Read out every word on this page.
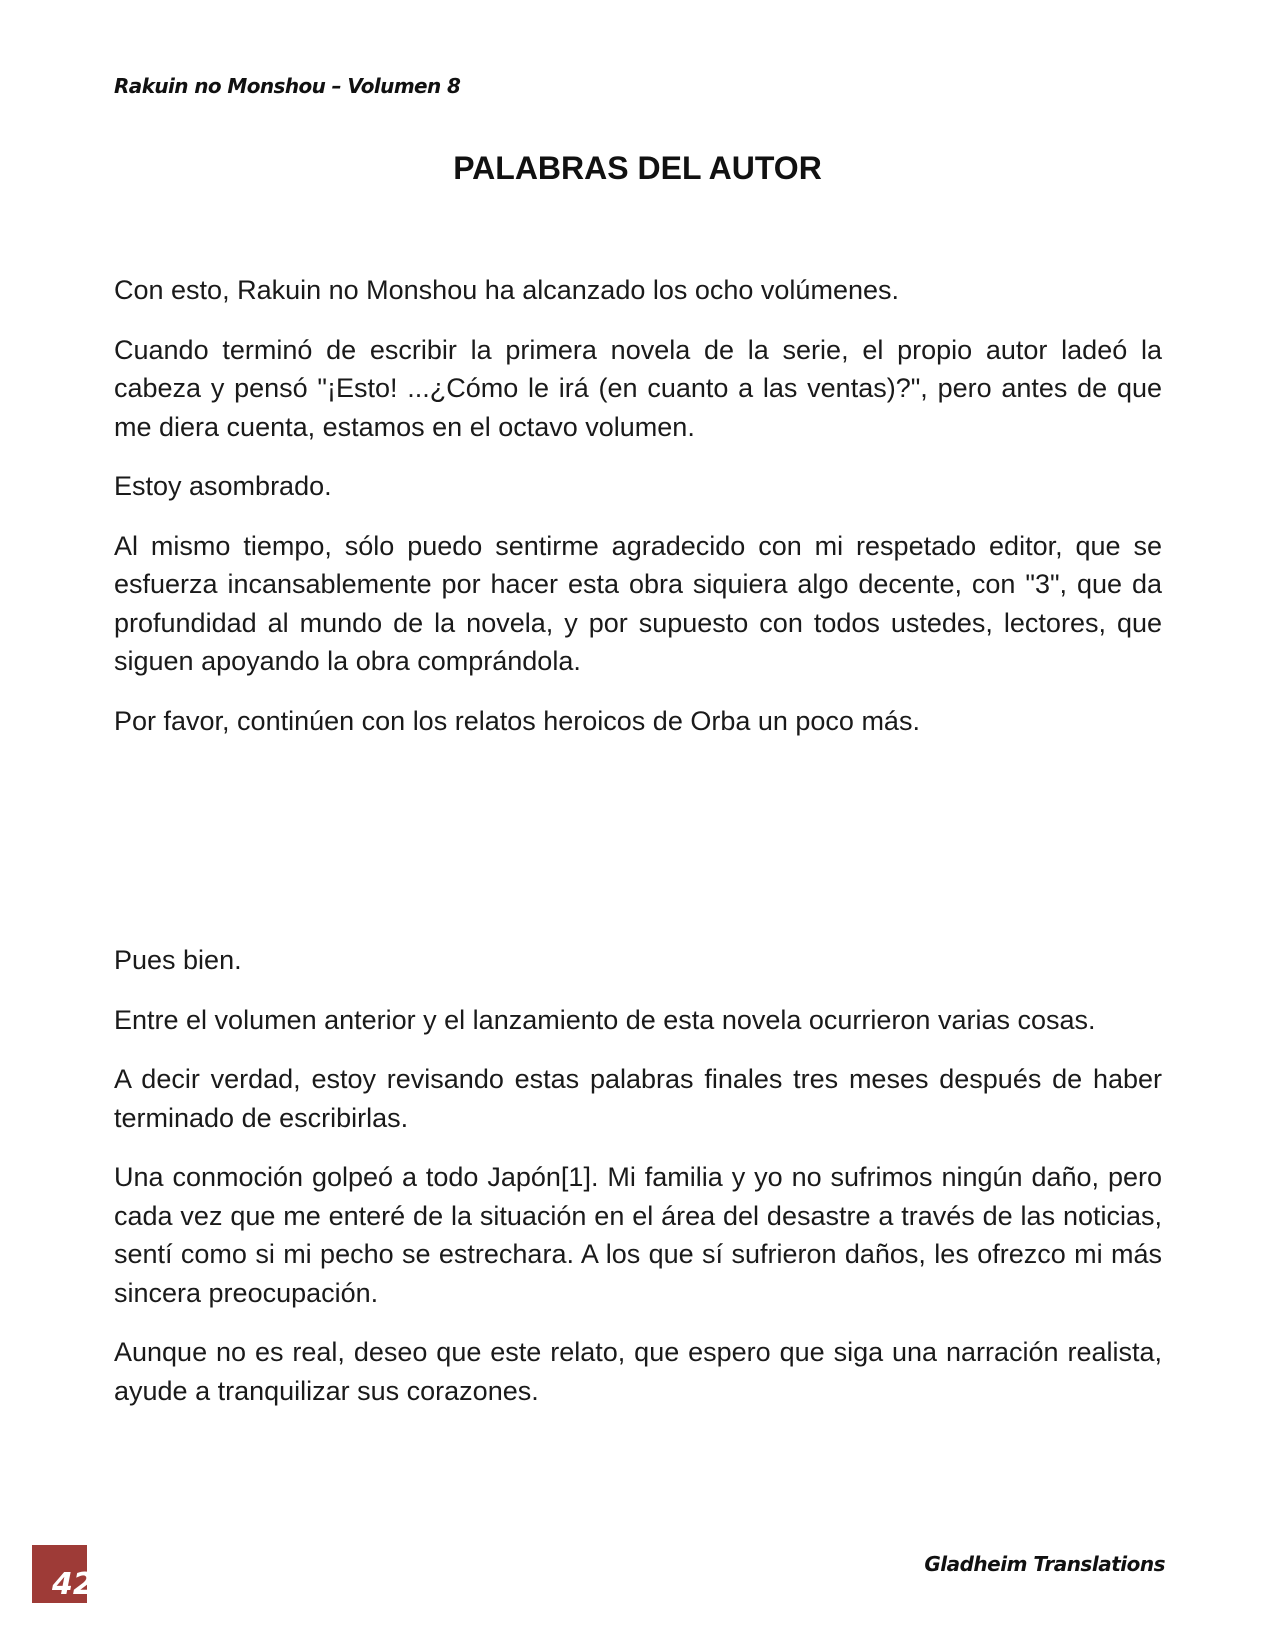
Rakuin no Monshou – Volumen 8
PALABRAS DEL AUTOR

Con esto, Rakuin no Monshou ha alcanzado los ocho volúmenes.

Cuando terminó de escribir la primera novela de la serie, el propio autor ladeó la cabeza y pensó "¡Esto! ...¿Cómo le irá (en cuanto a las ventas)?", pero antes de que me diera cuenta, estamos en el octavo volumen.

Estoy asombrado.

Al mismo tiempo, sólo puedo sentirme agradecido con mi respetado editor, que se esfuerza incansablemente por hacer esta obra siquiera algo decente, con "3", que da profundidad al mundo de la novela, y por supuesto con todos ustedes, lectores, que siguen apoyando la obra comprándola.

Por favor, continúen con los relatos heroicos de Orba un poco más.

Pues bien.

Entre el volumen anterior y el lanzamiento de esta novela ocurrieron varias cosas.

A decir verdad, estoy revisando estas palabras finales tres meses después de haber terminado de escribirlas.

Una conmoción golpeó a todo Japón[1]. Mi familia y yo no sufrimos ningún daño, pero cada vez que me enteré de la situación en el área del desastre a través de las noticias, sentí como si mi pecho se estrechara. A los que sí sufrieron daños, les ofrezco mi más sincera preocupación.

Aunque no es real, deseo que este relato, que espero que siga una narración realista, ayude a tranquilizar sus corazones.

42
Gladheim Translations
